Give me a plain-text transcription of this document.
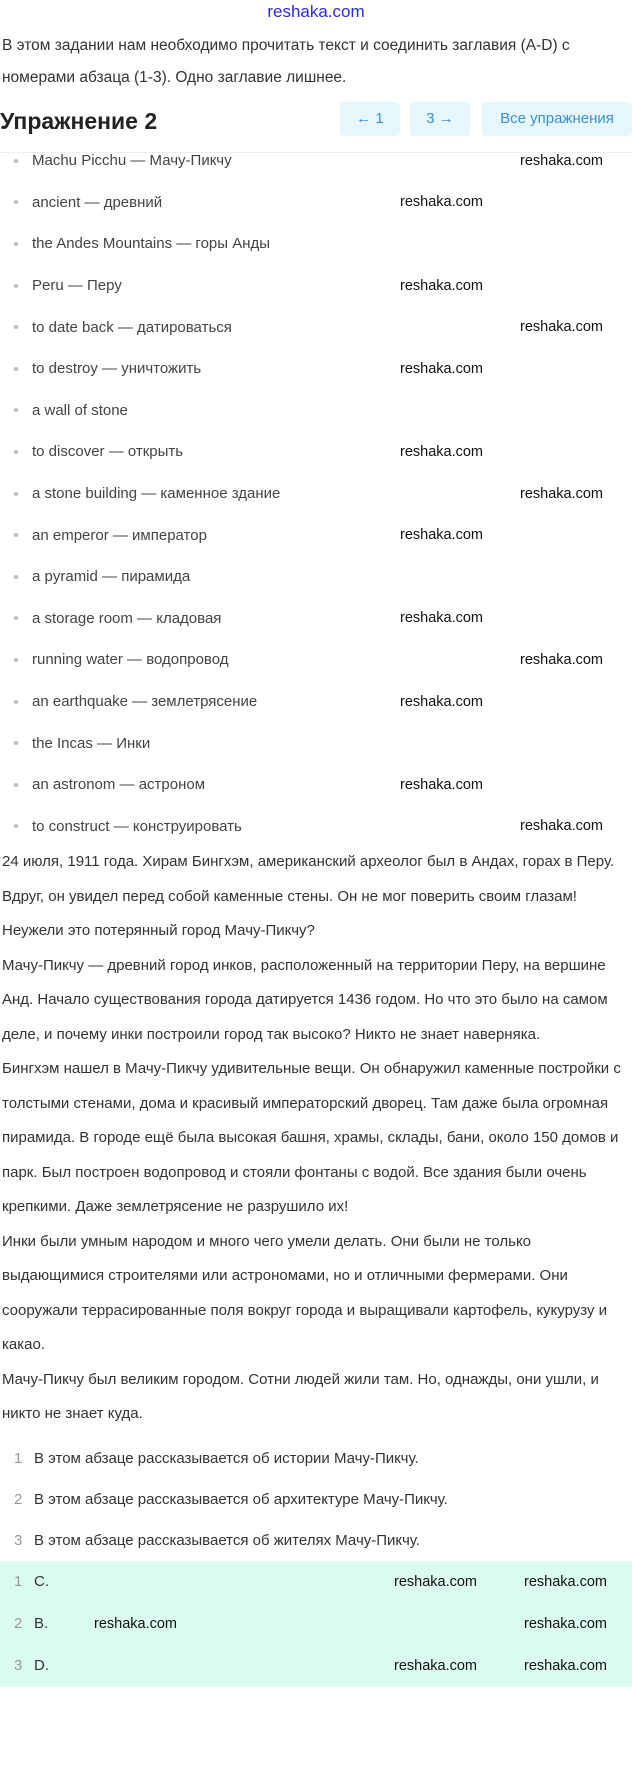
reshaka.com
В этом задании нам необходимо прочитать текст и соединить заглавия (A-D) с номерами абзаца (1-3). Одно заглавие лишнее.
Упражнение 2	← 1	3 →	Все упражнения
Machu Picchu — Мачу-Пикчу	reshaka.com
ancient — древний	reshaka.com
the Andes Mountains — горы Анды
Peru — Перу	reshaka.com
to date back — датироваться	reshaka.com
to destroy — уничтожить	reshaka.com
a wall of stone
to discover — открыть	reshaka.com
a stone building — каменное здание	reshaka.com
an emperor — император	reshaka.com
a pyramid — пирамида
a storage room — кладовая	reshaka.com
running water — водопровод	reshaka.com
an earthquake — землетрясение	reshaka.com
the Incas — Инки
an astronom — астроном	reshaka.com
to construct — конструировать	reshaka.com

24 июля, 1911 года. Хирам Бингхэм, американский археолог был в Андах, горах в Перу. Вдруг, он увидел перед собой каменные стены. Он не мог поверить своим глазам! Неужели это потерянный город Мачу-Пикчу?

Мачу-Пикчу — древний город инков, расположенный на территории Перу, на вершине Анд. Начало существования города датируется 1436 годом. Но что это было на самом деле, и почему инки построили город так высоко? Никто не знает наверняка.

Бингхэм нашел в Мачу-Пикчу удивительные вещи. Он обнаружил каменные постройки с толстыми стенами, дома и красивый императорский дворец. Там даже была огромная пирамида. В городе ещё была высокая башня, храмы, склады, бани, около 150 домов и парк. Был построен водопровод и стояли фонтаны с водой. Все здания были очень крепкими. Даже землетрясение не разрушило их!

Инки были умным народом и много чего умели делать. Они были не только выдающимися строителями или астрономами, но и отличными фермерами. Они сооружали террасированные поля вокруг города и выращивали картофель, кукурузу и какао.

Мачу-Пикчу был великим городом. Сотни людей жили там. Но, однажды, они ушли, и никто не знает куда.

1 В этом абзаце рассказывается об истории Мачу-Пикчу.
2 В этом абзаце рассказывается об архитектуре Мачу-Пикчу.
3 В этом абзаце рассказывается об жителях Мачу-Пикчу.
1 C.	reshaka.com	reshaka.com
2 B.	reshaka.com	reshaka.com
3 D.	reshaka.com	reshaka.com
